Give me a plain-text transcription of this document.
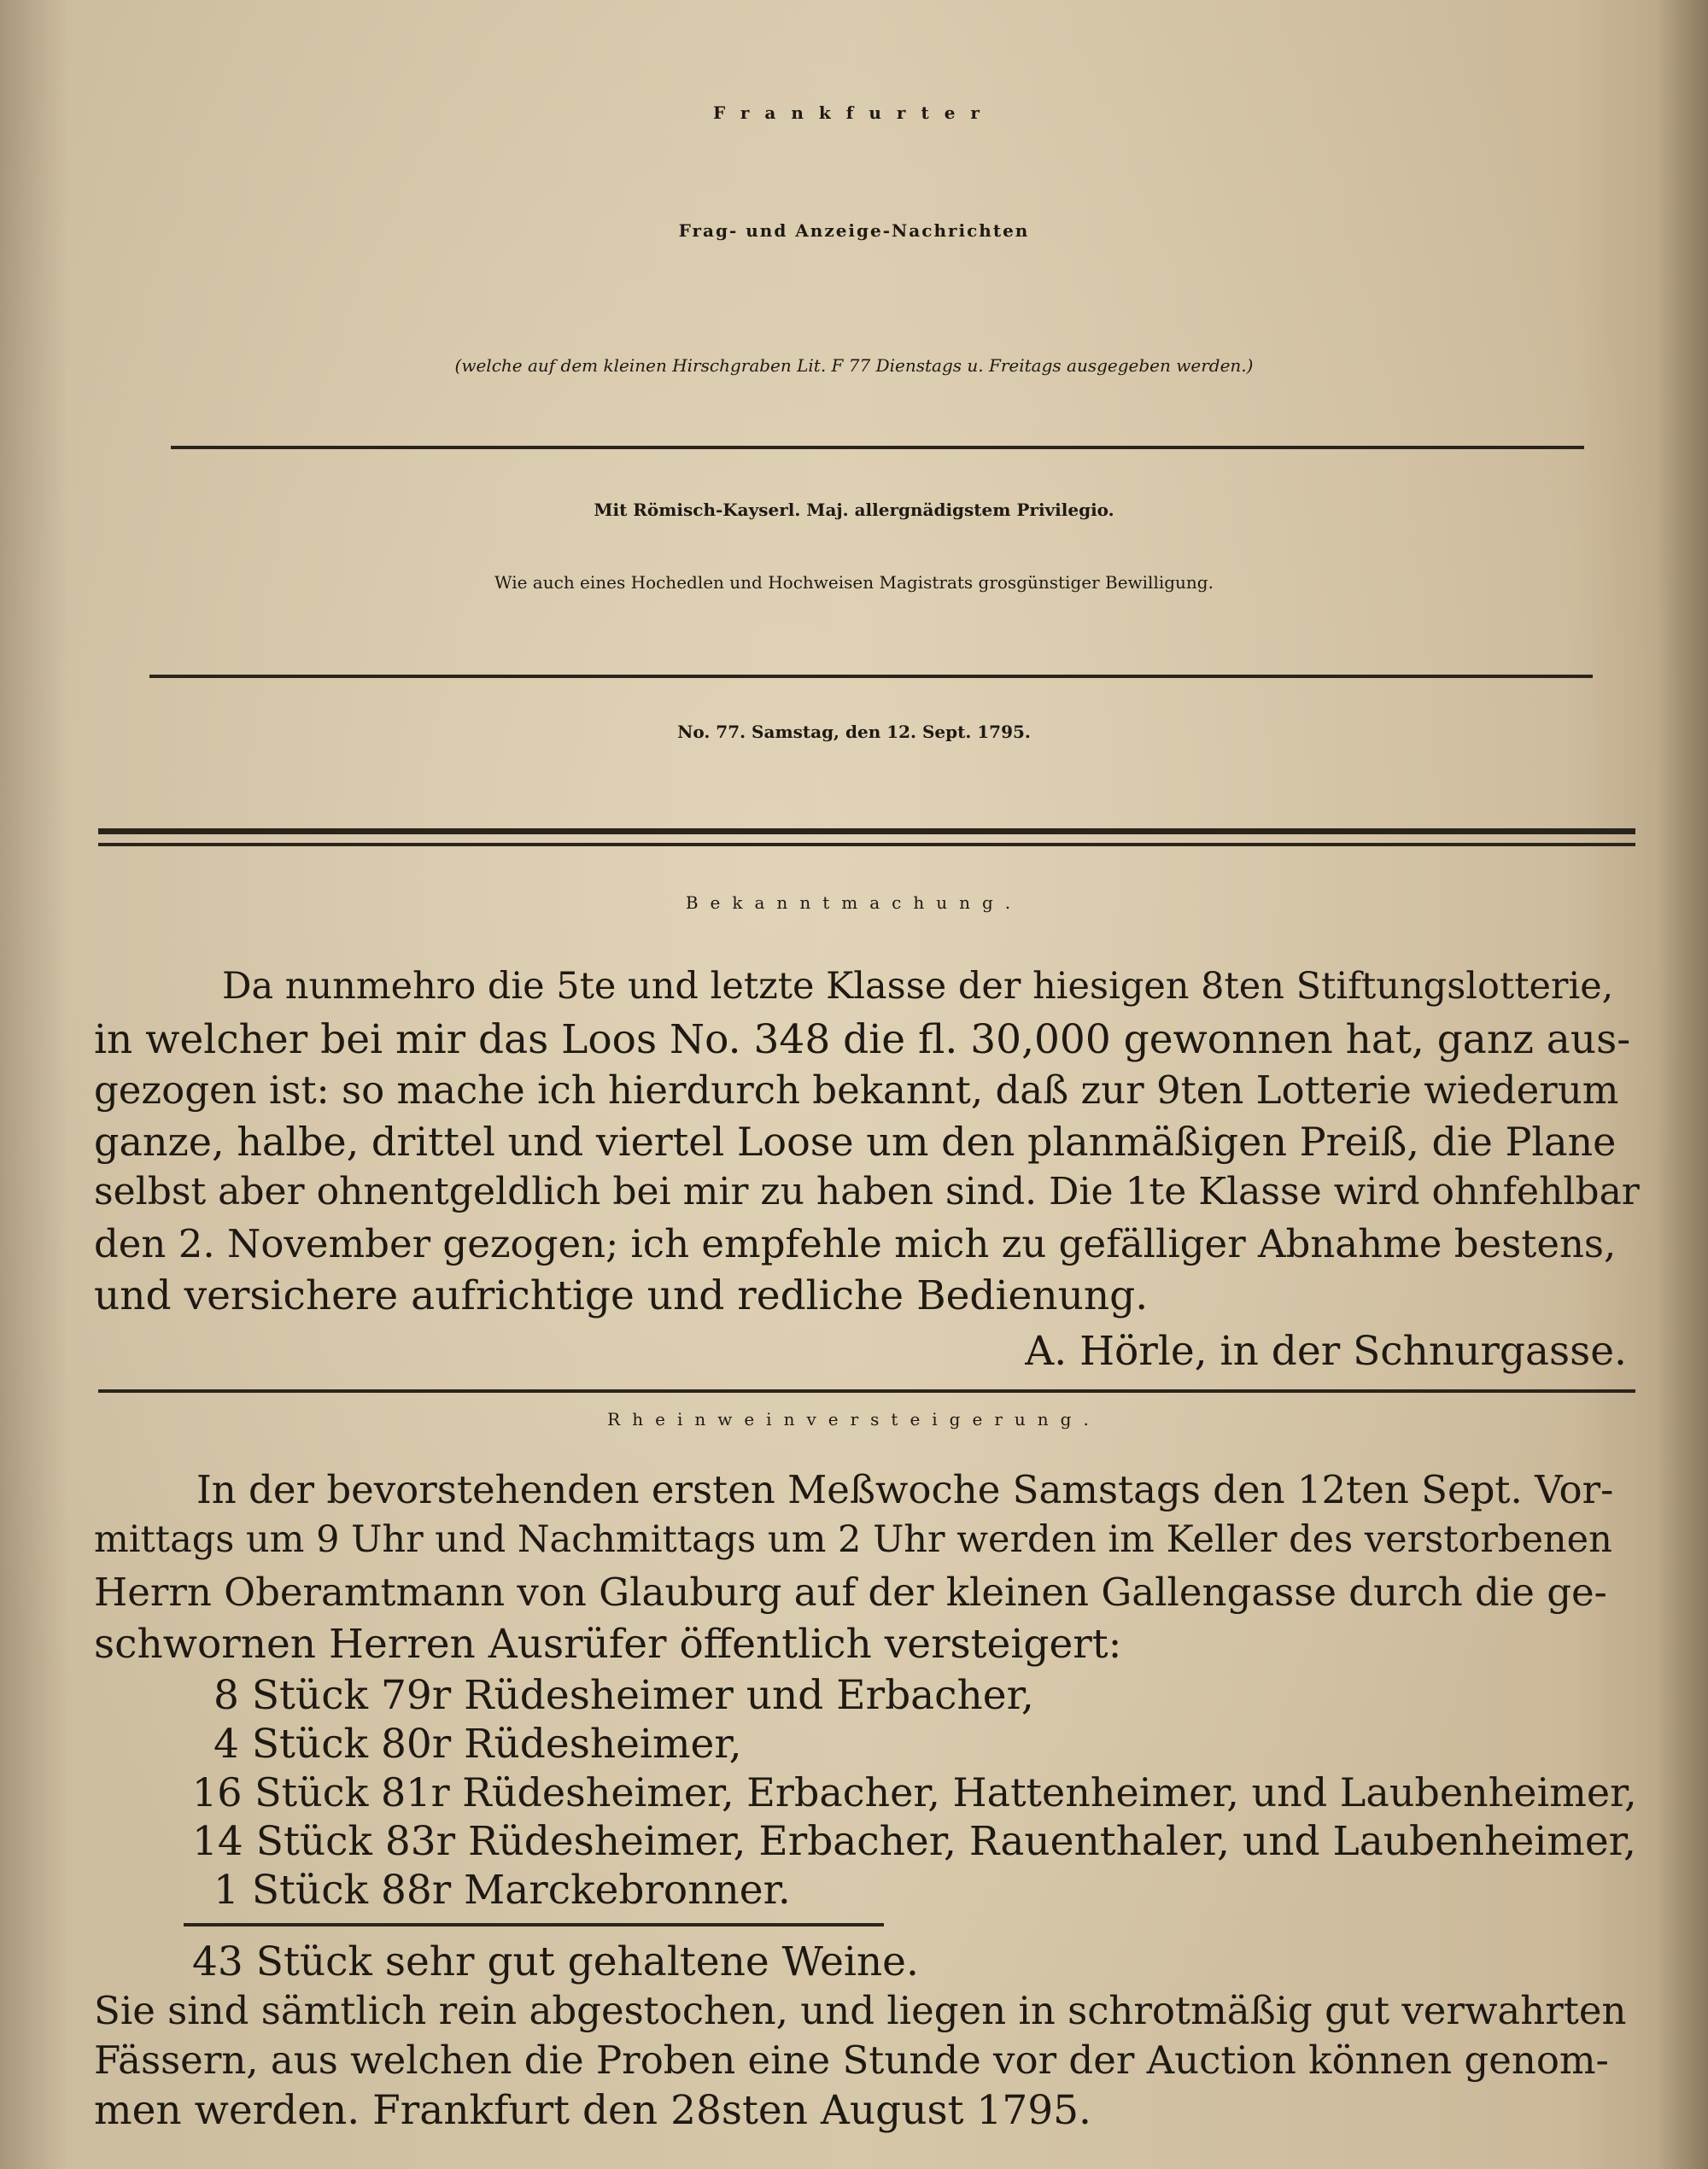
Frankfurter
Frag- und Anzeige-Nachrichten
(welche auf dem kleinen Hirschgraben Lit. F 77 Dienstags u. Freitags ausgegeben werden.)
Mit Römisch-Kayserl. Maj. allergnädigstem Privilegio.
Wie auch eines Hochedlen und Hochweisen Magistrats grosgünstiger Bewilligung.
No. 77. Samstag, den 12. Sept. 1795.
Bekanntmachung.
Da nunmehro die 5te und letzte Klasse der hiesigen 8ten Stiftungslotterie,
in welcher bei mir das Loos No. 348 die fl. 30,000 gewonnen hat, ganz aus-
gezogen ist: so mache ich hierdurch bekannt, daß zur 9ten Lotterie wiederum
ganze, halbe, drittel und viertel Loose um den planmäßigen Preiß, die Plane
selbst aber ohnentgeldlich bei mir zu haben sind. Die 1te Klasse wird ohnfehlbar
den 2. November gezogen; ich empfehle mich zu gefälliger Abnahme bestens,
und versichere aufrichtige und redliche Bedienung.
A. Hörle, in der Schnurgasse.
Rheinweinversteigerung.
In der bevorstehenden ersten Meßwoche Samstags den 12ten Sept. Vor-
mittags um 9 Uhr und Nachmittags um 2 Uhr werden im Keller des verstorbenen
Herrn Oberamtmann von Glauburg auf der kleinen Gallengasse durch die ge-
schwornen Herren Ausrüfer öffentlich versteigert:
8 Stück 79r Rüdesheimer und Erbacher,
4 Stück 80r Rüdesheimer,
16 Stück 81r Rüdesheimer, Erbacher, Hattenheimer, und Laubenheimer,
14 Stück 83r Rüdesheimer, Erbacher, Rauenthaler, und Laubenheimer,
1 Stück 88r Marckebronner.
43 Stück sehr gut gehaltene Weine.
Sie sind sämtlich rein abgestochen, und liegen in schrotmäßig gut verwahrten
Fässern, aus welchen die Proben eine Stunde vor der Auction können genom-
men werden. Frankfurt den 28sten August 1795.
